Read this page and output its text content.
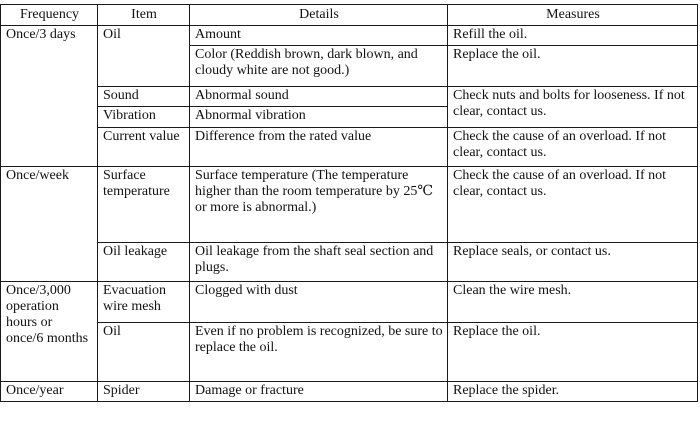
Frequency	Item	Details	Measures
Once/3 days	Oil	Amount	Refill the oil.
		Color (Reddish brown, dark blown, and cloudy white are not good.)	Replace the oil.
	Sound	Abnormal sound	Check nuts and bolts for looseness. If not clear, contact us.
	Vibration	Abnormal vibration	
	Current value	Difference from the rated value	Check the cause of an overload. If not clear, contact us.
Once/week	Surface temperature	Surface temperature (The temperature higher than the room temperature by 25℃ or more is abnormal.)	Check the cause of an overload. If not clear, contact us.
	Oil leakage	Oil leakage from the shaft seal section and plugs.	Replace seals, or contact us.
Once/3,000 operation hours or once/6 months	Evacuation wire mesh	Clogged with dust	Clean the wire mesh.
	Oil	Even if no problem is recognized, be sure to replace the oil.	Replace the oil.
Once/year	Spider	Damage or fracture	Replace the spider.
